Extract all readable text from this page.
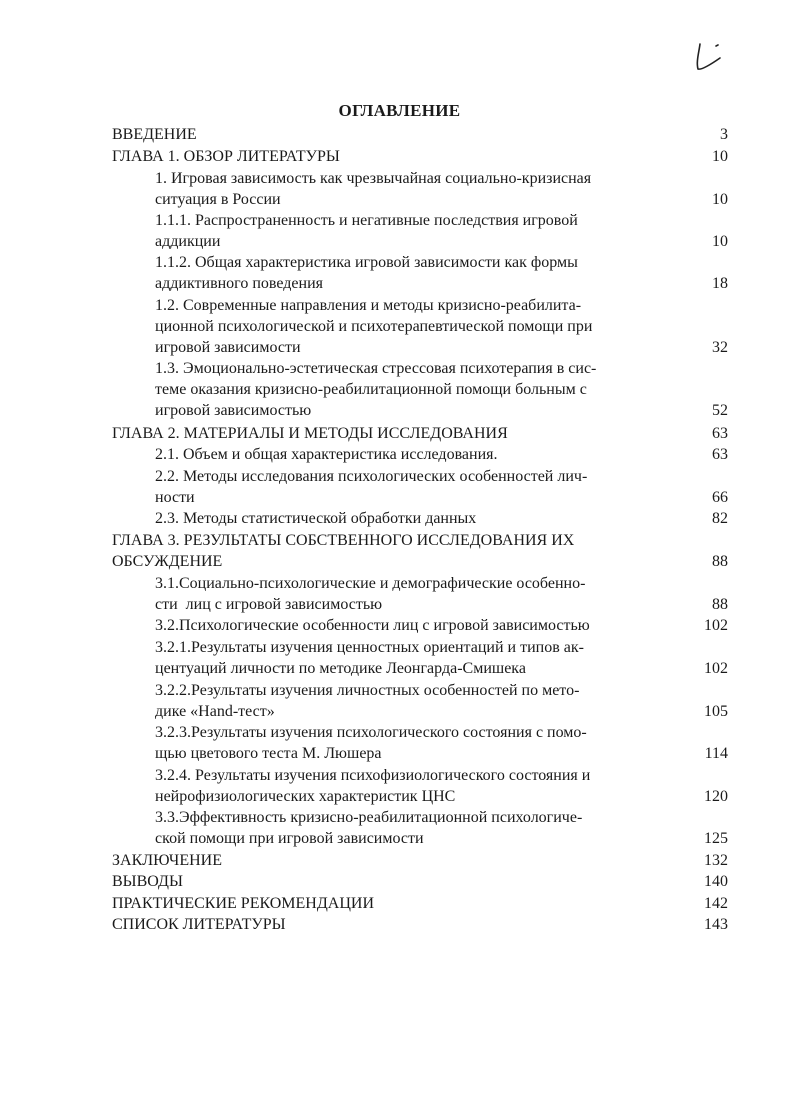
ОГЛАВЛЕНИЕ
ВВЕДЕНИЕ	3
ГЛАВА 1. ОБЗОР ЛИТЕРАТУРЫ	10
1. Игровая зависимость как чрезвычайная социально-кризисная
ситуация в России	10
1.1.1. Распространенность и негативные последствия игровой
аддикции	10
1.1.2. Общая характеристика игровой зависимости как формы
аддиктивного поведения	18
1.2. Современные направления и методы кризисно-реабилита-
ционной психологической и психотерапевтической помощи при
игровой зависимости	32
1.3. Эмоционально-эстетическая стрессовая психотерапия в сис-
теме оказания кризисно-реабилитационной помощи больным с
игровой зависимостью	52
ГЛАВА 2. МАТЕРИАЛЫ И МЕТОДЫ ИССЛЕДОВАНИЯ	63
2.1. Объем и общая характеристика исследования.	63
2.2. Методы исследования психологических особенностей лич-
ности	66
2.3. Методы статистической обработки данных	82
ГЛАВА 3. РЕЗУЛЬТАТЫ СОБСТВЕННОГО ИССЛЕДОВАНИЯ ИХ
ОБСУЖДЕНИЕ	88
3.1.Социально-психологические и демографические особенно-
сти  лиц с игровой зависимостью	88
3.2.Психологические особенности лиц с игровой зависимостью	102
3.2.1.Результаты изучения ценностных ориентаций и типов ак-
центуаций личности по методике Леонгарда-Смишека	102
3.2.2.Результаты изучения личностных особенностей по мето-
дике «Hand-тест»	105
3.2.3.Результаты изучения психологического состояния с помо-
щью цветового теста М. Люшера	114
3.2.4. Результаты изучения психофизиологического состояния и
нейрофизиологических характеристик ЦНС	120
3.3.Эффективность кризисно-реабилитационной психологиче-
ской помощи при игровой зависимости	125
ЗАКЛЮЧЕНИЕ	132
ВЫВОДЫ	140
ПРАКТИЧЕСКИЕ РЕКОМЕНДАЦИИ	142
СПИСОК ЛИТЕРАТУРЫ	143
